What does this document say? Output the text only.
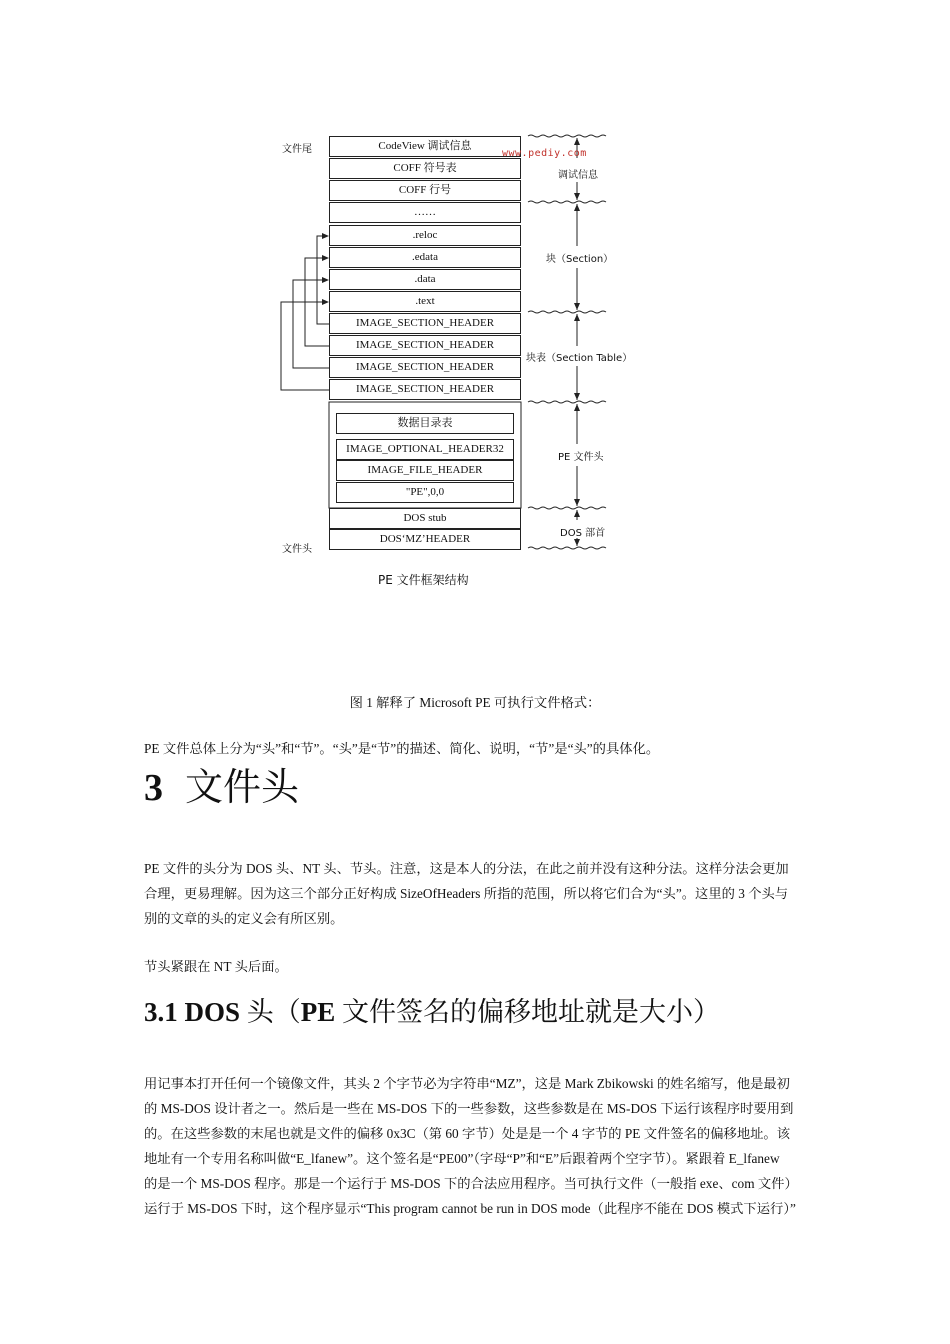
文件尾
文件头
CodeView 调试信息
COFF 符号表
COFF 行号
……
.reloc
.edata
.data
.text
IMAGE_SECTION_HEADER
IMAGE_SECTION_HEADER
IMAGE_SECTION_HEADER
IMAGE_SECTION_HEADER
数据目录表
IMAGE_OPTIONAL_HEADER32
IMAGE_FILE_HEADER
"PE",0,0
DOS stub
DOS‘MZ’HEADER
www.pediy.com
调试信息
块（Section）
块表（Section Table）
PE 文件头
DOS 部首
PE 文件框架结构
图 1 解释了 Microsoft PE 可执行文件格式：

PE 文件总体上分为“头”和“节”。“头”是“节”的描述、简化、说明，“节”是“头”的具体化。

3 文件头
PE 文件的头分为 DOS 头、NT 头、节头。注意，这是本人的分法，在此之前并没有这种分法。这样分法会更加
合理，更易理解。因为这三个部分正好构成 SizeOfHeaders 所指的范围，所以将它们合为“头”。这里的 3 个头与
别的文章的头的定义会有所区别。

节头紧跟在 NT 头后面。

3.1 DOS 头（PE 文件签名的偏移地址就是大小）
用记事本打开任何一个镜像文件，其头 2 个字节必为字符串“MZ”，这是 Mark Zbikowski 的姓名缩写，他是最初
的 MS-DOS 设计者之一。然后是一些在 MS-DOS 下的一些参数，这些参数是在 MS-DOS 下运行该程序时要用到
的。在这些参数的末尾也就是文件的偏移 0x3C（第 60 字节）处是是一个 4 字节的 PE 文件签名的偏移地址。该
地址有一个专用名称叫做“E_lfanew”。这个签名是“PE00”（字母“P”和“E”后跟着两个空字节）。紧跟着 E_lfanew
的是一个 MS-DOS 程序。那是一个运行于 MS-DOS 下的合法应用程序。当可执行文件（一般指 exe、com 文件）
运行于 MS-DOS 下时，这个程序显示“This program cannot be run in DOS mode（此程序不能在 DOS 模式下运行）”
